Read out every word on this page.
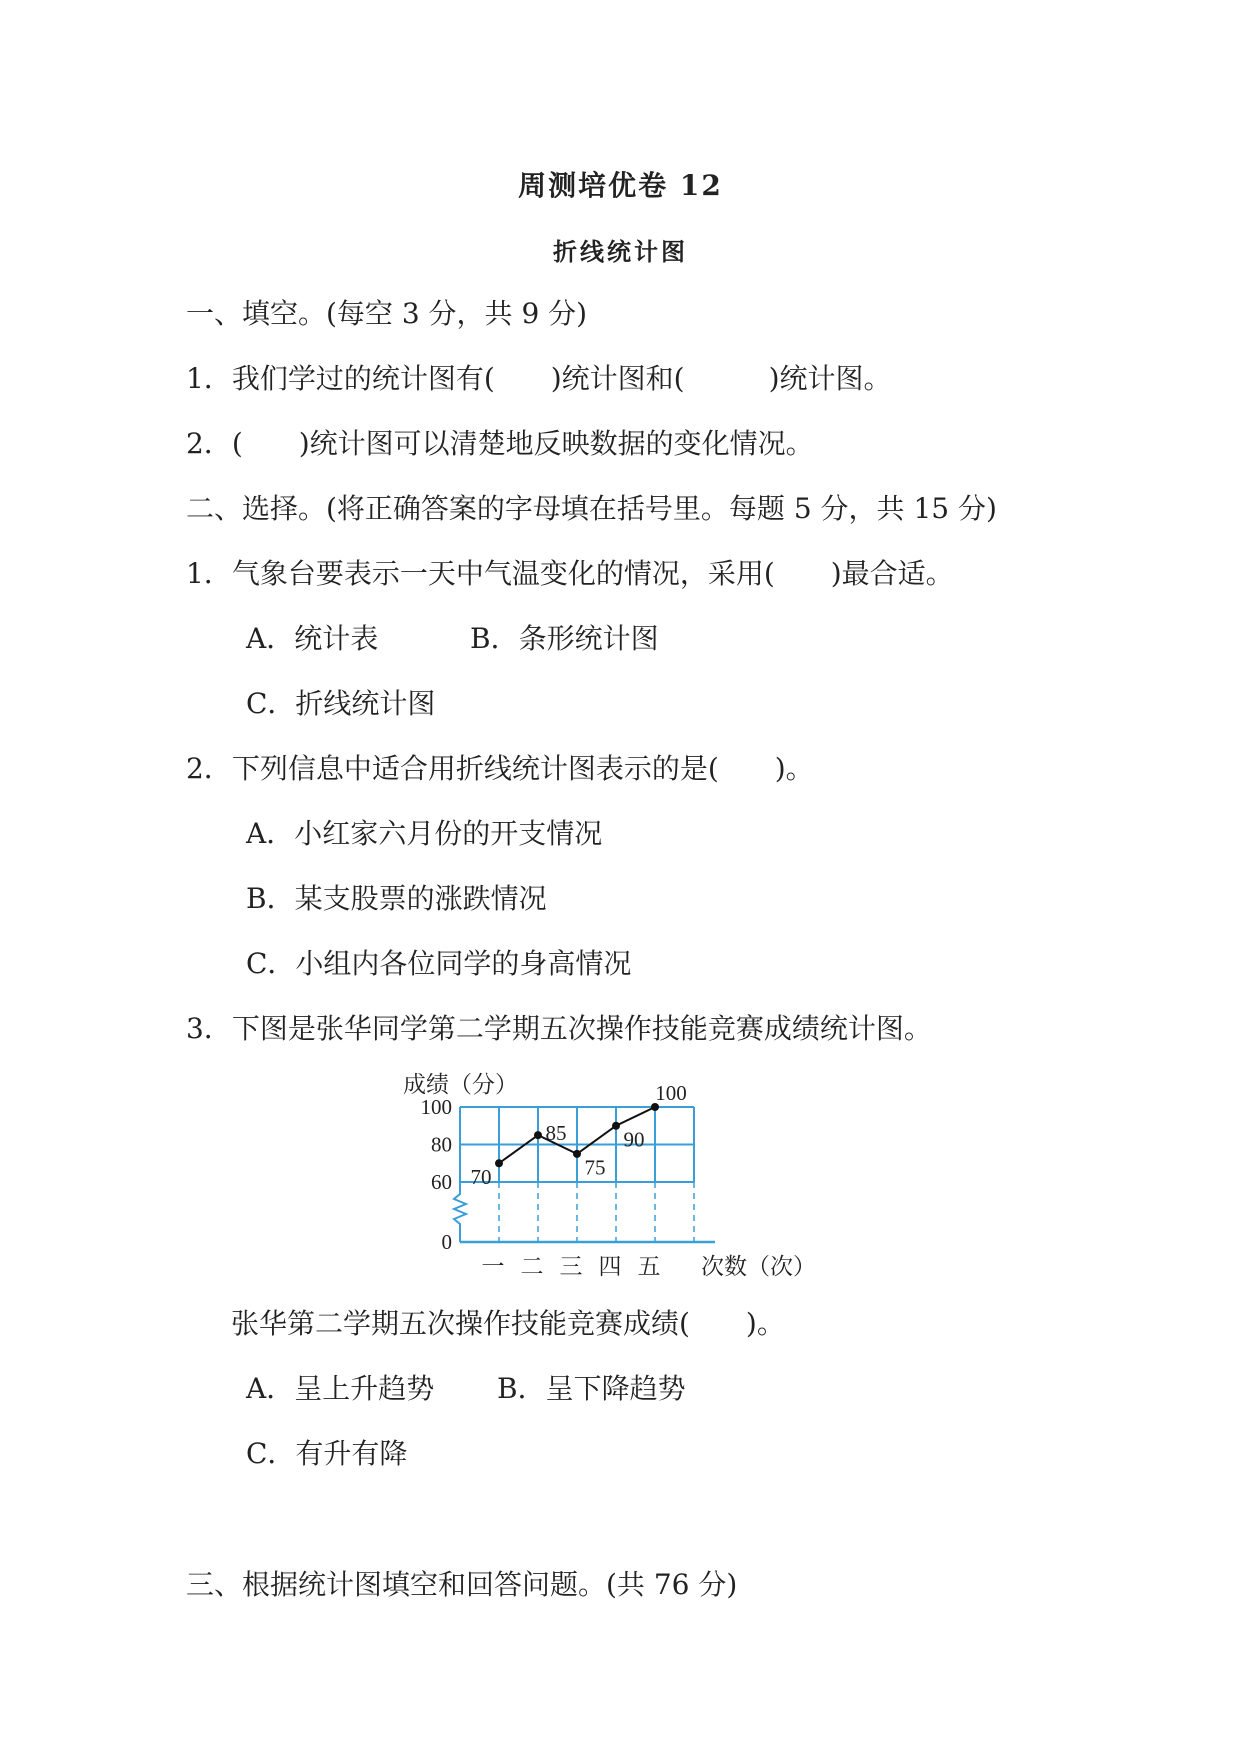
周测培优卷 12
折线统计图
一、填空。(每空 3 分，共 9 分)
1．我们学过的统计图有(　　)统计图和(　　　)统计图。
2．(　　)统计图可以清楚地反映数据的变化情况。
二、选择。(将正确答案的字母填在括号里。每题 5 分，共 15 分)
1．气象台要表示一天中气温变化的情况，采用(　　)最合适。
A．统计表	B．条形统计图
C．折线统计图
2．下列信息中适合用折线统计图表示的是(　　)。
A．小红家六月份的开支情况
B．某支股票的涨跌情况
C．小组内各位同学的身高情况
3．下图是张华同学第二学期五次操作技能竞赛成绩统计图。
成绩（分）
次数（次）
0
60
80
100
一 二 三 四 五
70
85
75
90
100
张华第二学期五次操作技能竞赛成绩(　　)。
A．呈上升趋势 B．呈下降趋势
C．有升有降
三、根据统计图填空和回答问题。(共 76 分)
